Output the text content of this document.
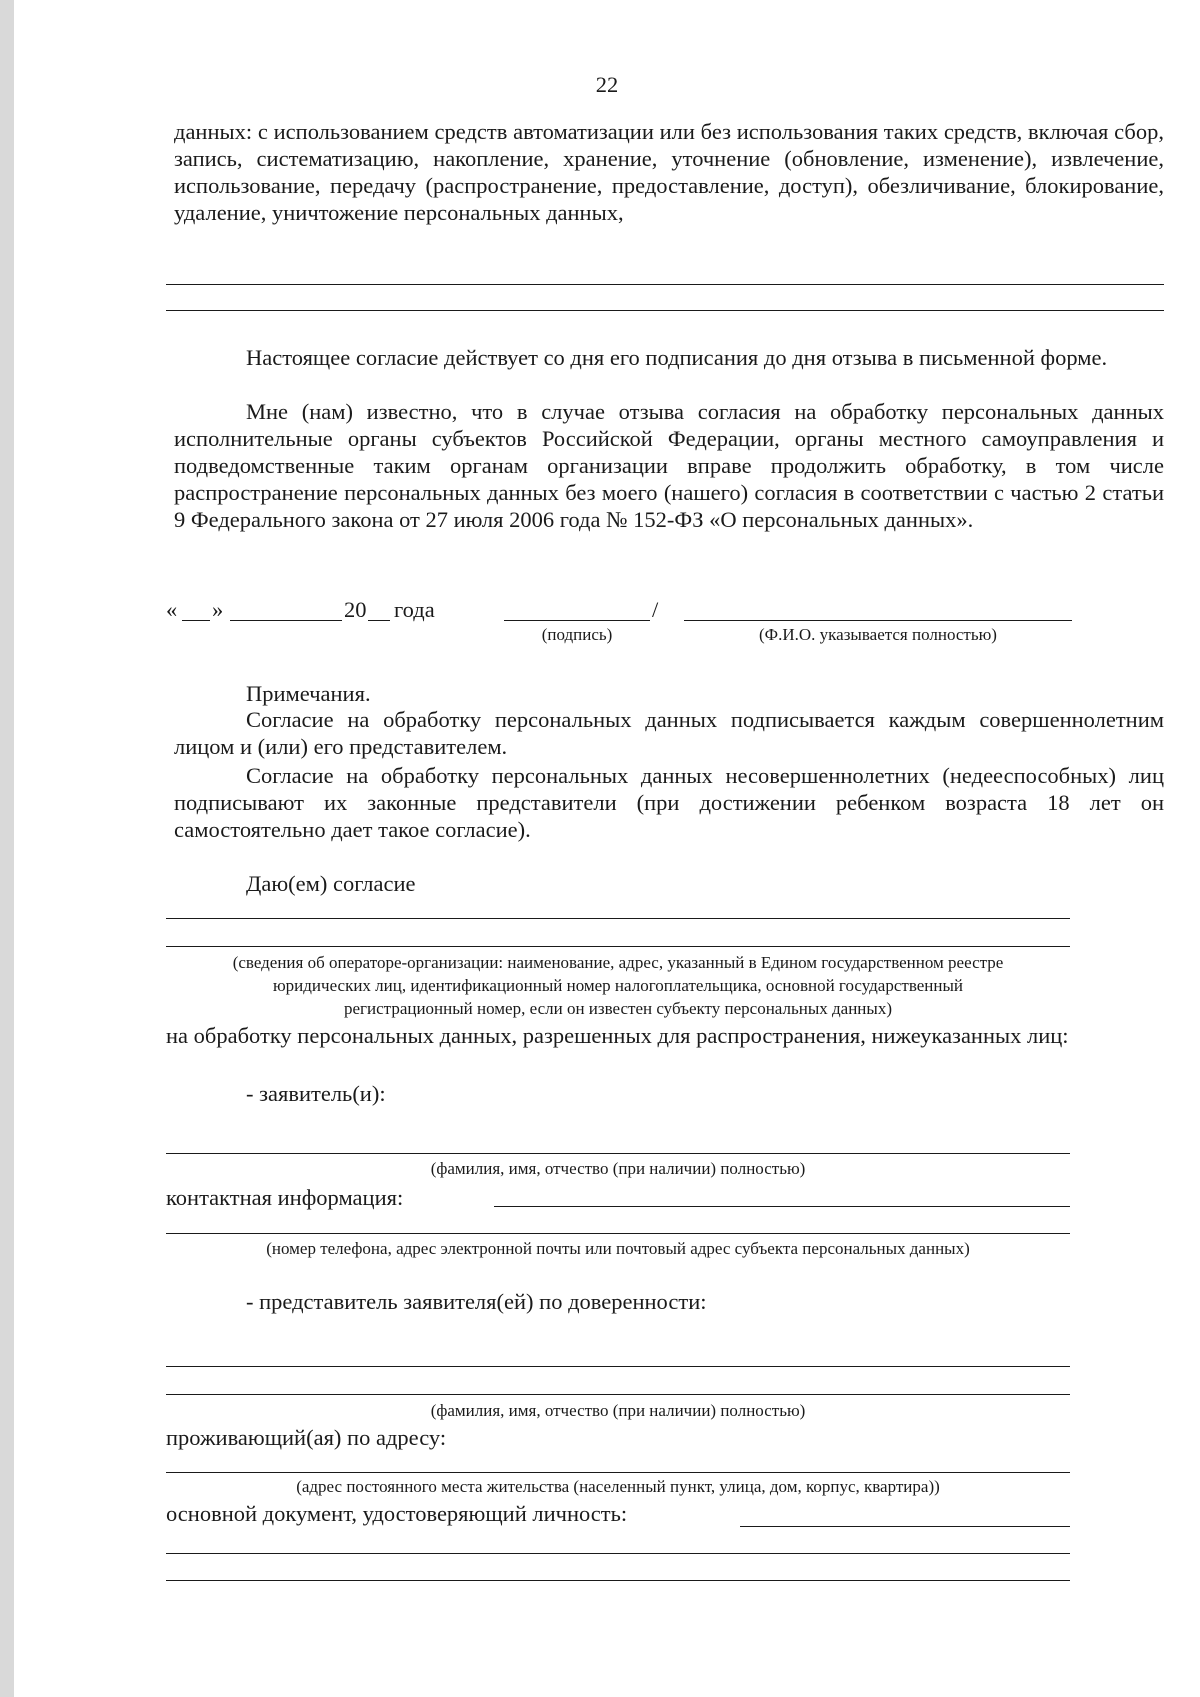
22
данных: с использованием средств автоматизации или без использования таких средств, включая сбор, запись, систематизацию, накопление, хранение, уточнение (обновление, изменение), извлечение, использование, передачу (распространение, предоставление, доступ), обезличивание, блокирование, удаление, уничтожение персональных данных,
Настоящее согласие действует со дня его подписания до дня отзыва в письменной форме.
Мне (нам) известно, что в случае отзыва согласия на обработку персональных данных исполнительные органы субъектов Российской Федерации, органы местного самоуправления и подведомственные таким органам организации вправе продолжить обработку, в том числе распространение персональных данных без моего (нашего) согласия в соответствии с частью 2 статьи 9 Федерального закона от 27 июля 2006 года № 152-ФЗ «О персональных данных».
« »	20 года	/
(подпись)	(Ф.И.О. указывается полностью)
Примечания.
Согласие на обработку персональных данных подписывается каждым совершеннолетним лицом и (или) его представителем.
Согласие на обработку персональных данных несовершеннолетних (недееспособных) лиц подписывают их законные представители (при достижении ребенком возраста 18 лет он самостоятельно дает такое согласие).
Даю(ем) согласие
(сведения об операторе-организации: наименование, адрес, указанный в Едином государственном реестре
юридических лиц, идентификационный номер налогоплательщика, основной государственный
регистрационный номер, если он известен субъекту персональных данных)
на обработку персональных данных, разрешенных для распространения, нижеуказанных лиц:
- заявитель(и):
(фамилия, имя, отчество (при наличии) полностью)
контактная информация:
(номер телефона, адрес электронной почты или почтовый адрес субъекта персональных данных)
- представитель заявителя(ей) по доверенности:
(фамилия, имя, отчество (при наличии) полностью)
проживающий(ая) по адресу:
(адрес постоянного места жительства (населенный пункт, улица, дом, корпус, квартира))
основной документ, удостоверяющий личность:
